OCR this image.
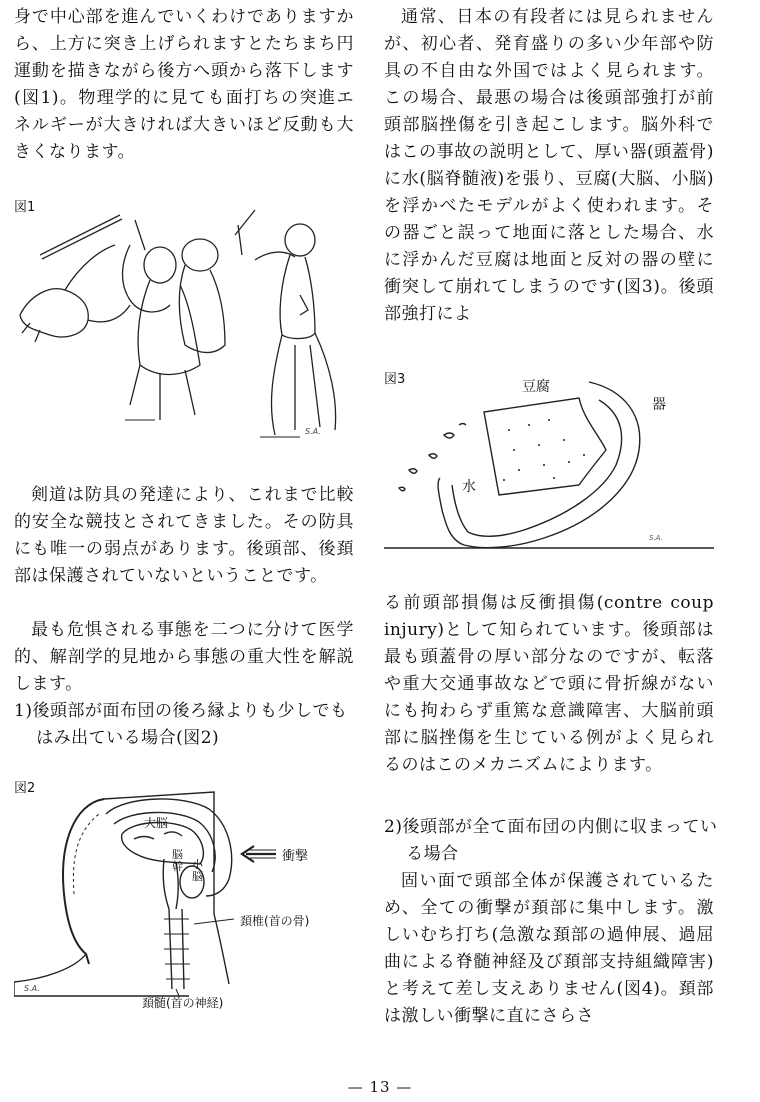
身で中心部を進んでいくわけでありますから、上方に突き上げられますとたちまち円運動を描きながら後方へ頭から落下します(図1)。物理学的に見ても面打ちの突進エネルギーが大きければ大きいほど反動も大きくなります。

図1

S.A.

剣道は防具の発達により、これまで比較的安全な競技とされてきました。その防具にも唯一の弱点があります。後頭部、後頚部は保護されていないということです。

最も危惧される事態を二つに分けて医学的、解剖学的見地から事態の重大性を解説します。

1)後頭部が面布団の後ろ縁よりも少しでもはみ出ている場合(図2)

図2

大脳
脳幹 小脳
衝撃
頚椎(首の骨)
頚髄(首の神経)
S.A.

通常、日本の有段者には見られませんが、初心者、発育盛りの多い少年部や防具の不自由な外国ではよく見られます。この場合、最悪の場合は後頭部強打が前頭部脳挫傷を引き起こします。脳外科ではこの事故の説明として、厚い器(頭蓋骨)に水(脳脊髄液)を張り、豆腐(大脳、小脳)を浮かべたモデルがよく使われます。その器ごと誤って地面に落とした場合、水に浮かんだ豆腐は地面と反対の器の壁に衝突して崩れてしまうのです(図3)。後頭部強打によ

図3	豆腐
器
水
S.A.

る前頭部損傷は反衝損傷(contre coup injury)として知られています。後頭部は最も頭蓋骨の厚い部分なのですが、転落や重大交通事故などで頭に骨折線がないにも拘わらず重篤な意識障害、大脳前頭部に脳挫傷を生じている例がよく見られるのはこのメカニズムによります。

2)後頭部が全て面布団の内側に収まっている場合

固い面で頭部全体が保護されているため、全ての衝撃が頚部に集中します。激しいむち打ち(急激な頚部の過伸展、過屈曲による脊髄神経及び頚部支持組織障害)と考えて差し支えありません(図4)。頚部は激しい衝撃に直にさらさ

— 13 —
